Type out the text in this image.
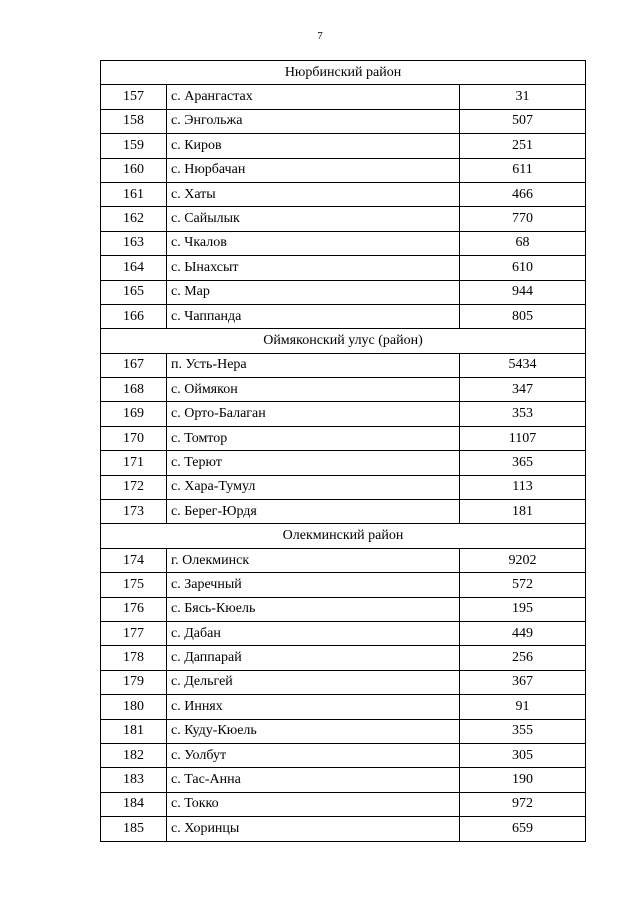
7
Нюрбинский район		
157	с. Арангастах	31
158	с. Энгольжа	507
159	с. Киров	251
160	с. Нюрбачан	611
161	с. Хаты	466
162	с. Сайылык	770
163	с. Чкалов	68
164	с. Ынахсыт	610
165	с. Мар	944
166	с. Чаппанда	805
Оймяконский улус (район)		
167	п. Усть-Нера	5434
168	с. Оймякон	347
169	с. Орто-Балаган	353
170	с. Томтор	1107
171	с. Терют	365
172	с. Хара-Тумул	113
173	с. Берег-Юрдя	181
Олекминский район		
174	г. Олекминск	9202
175	с. Заречный	572
176	с. Бясь-Кюель	195
177	с. Дабан	449
178	с. Даппарай	256
179	с. Дельгей	367
180	с. Иннях	91
181	с. Куду-Кюель	355
182	с. Уолбут	305
183	с. Тас-Анна	190
184	с. Токко	972
185	с. Хоринцы	659
